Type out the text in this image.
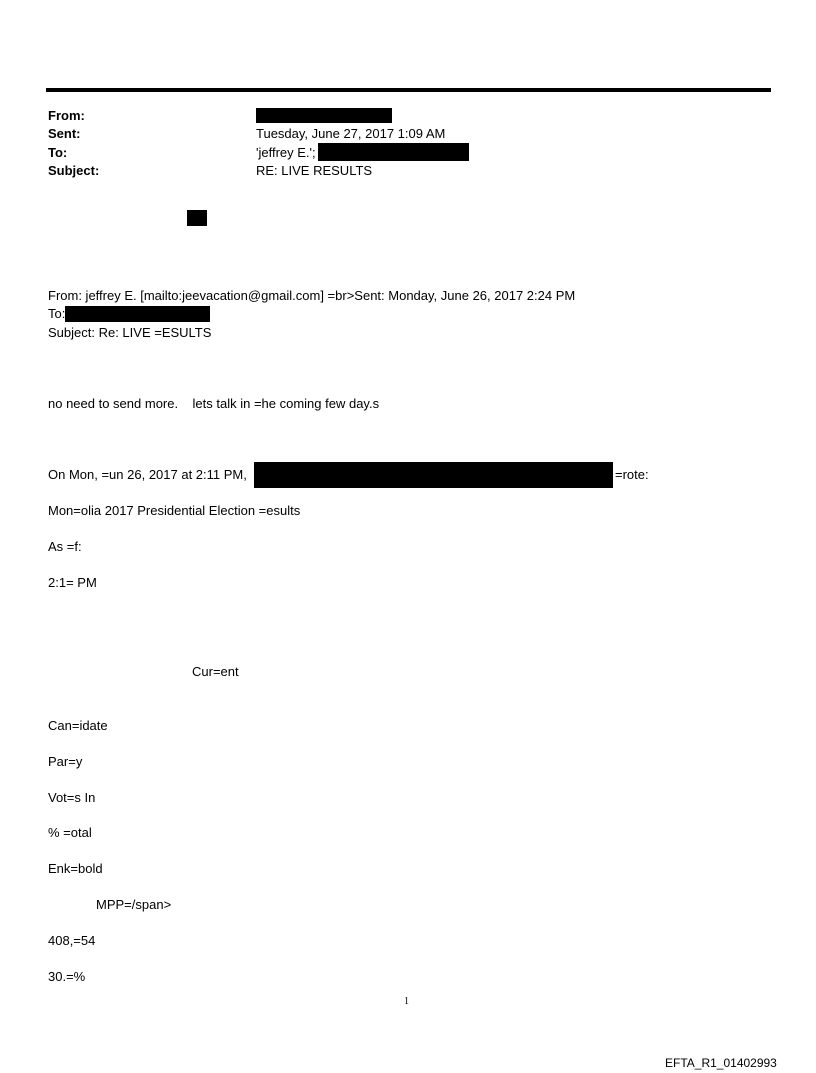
From:
Sent:	Tuesday, June 27, 2017 1:09 AM
To:	'jeffrey E.';
Subject:	RE: LIVE RESULTS
From: jeffrey E. [mailto:jeevacation@gmail.com] =br>Sent: Monday, June 26, 2017 2:24 PM
To:
Subject: Re: LIVE =ESULTS
no need to send more.    lets talk in =he coming few day.s
On Mon, =un 26, 2017 at 2:11 PM,	=rote:
Mon=olia 2017 Presidential Election =esults
As =f:
2:1= PM
Cur=ent
Can=idate
Par=y
Vot=s In
% =otal
Enk=bold
MPP=/span>
408,=54
30.=%
1
EFTA_R1_01402993
